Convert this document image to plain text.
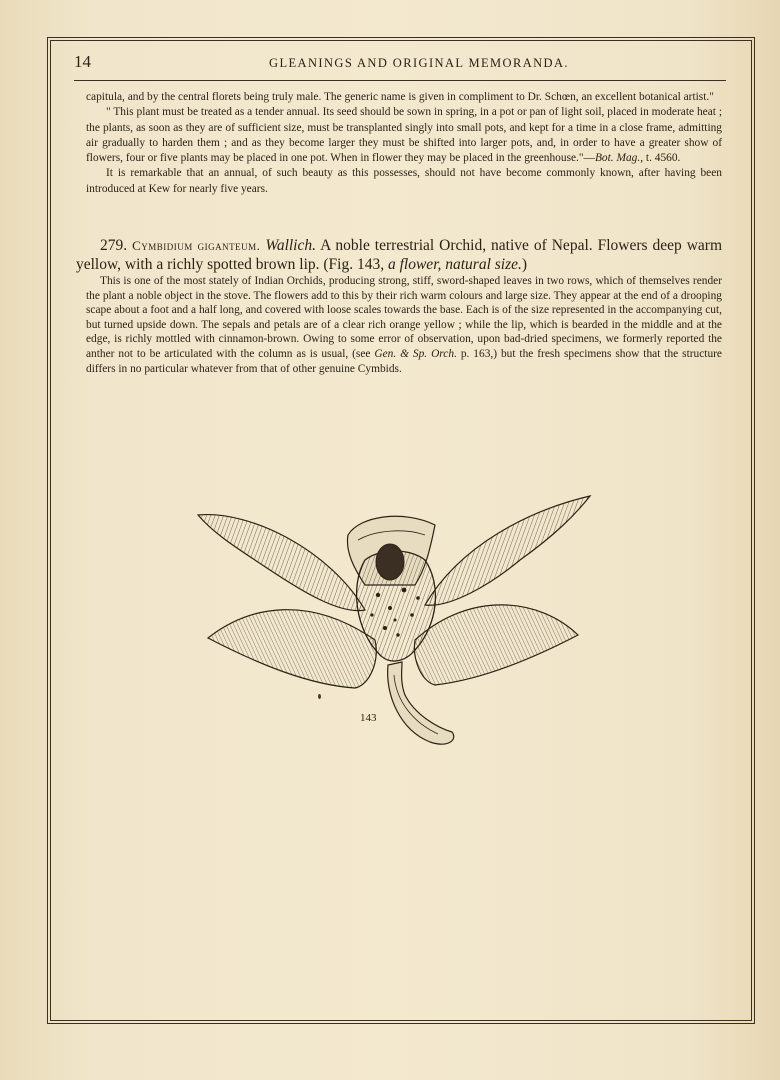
14	GLEANINGS AND ORIGINAL MEMORANDA.

capitula, and by the central florets being truly male. The generic name is given in compliment to Dr. Schœn, an excellent botanical artist."

" This plant must be treated as a tender annual. Its seed should be sown in spring, in a pot or pan of light soil, placed in moderate heat ; the plants, as soon as they are of sufficient size, must be transplanted singly into small pots, and kept for a time in a close frame, admitting air gradually to harden them ; and as they become larger they must be shifted into larger pots, and, in order to have a greater show of flowers, four or five plants may be placed in one pot. When in flower they may be placed in the greenhouse."—Bot. Mag., t. 4560.

It is remarkable that an annual, of such beauty as this possesses, should not have become commonly known, after having been introduced at Kew for nearly five years.

279. Cymbidium giganteum. Wallich. A noble terrestrial Orchid, native of Nepal. Flowers deep warm yellow, with a richly spotted brown lip. (Fig. 143, a flower, natural size.)

This is one of the most stately of Indian Orchids, producing strong, stiff, sword-shaped leaves in two rows, which of themselves render the plant a noble object in the stove. The flowers add to this by their rich warm colours and large size. They appear at the end of a drooping scape about a foot and a half long, and covered with loose scales towards the base. Each is of the size represented in the accompanying cut, but turned upside down. The sepals and petals are of a clear rich orange yellow ; while the lip, which is bearded in the middle and at the edge, is richly mottled with cinnamon-brown. Owing to some error of observation, upon bad-dried specimens, we formerly reported the anther not to be articulated with the column as is usual, (see Gen. & Sp. Orch. p. 163,) but the fresh specimens show that the structure differs in no particular whatever from that of other genuine Cymbids.

143
